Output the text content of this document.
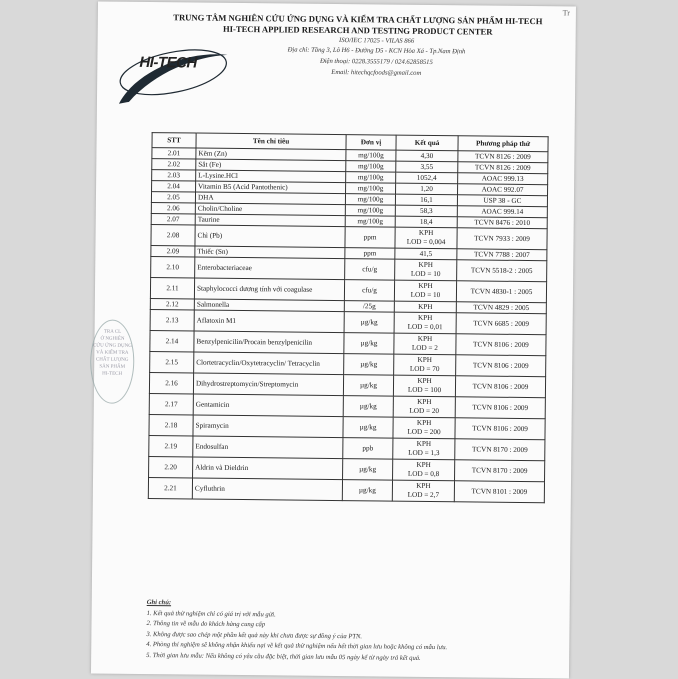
Tr
TRUNG TÂM NGHIÊN CỨU ỨNG DỤNG VÀ KIỂM TRA CHẤT LƯỢNG SẢN PHẨM HI-TECH
HI-TECH APPLIED RESEARCH AND TESTING PRODUCT CENTER
ISO/IEC 17025 - VILAS 866
Địa chỉ: Tầng 3, Lô H6 - Đường D5 - KCN Hòa Xá - Tp.Nam Định
Điện thoại: 0228.3555179 / 024.62858515
Email: hitechqcfoods@gmail.com
HI-TECH
TRA CL
Ở NGHIÊN
CỨU ỨNG DỤNG
VÀ KIỂM TRA
CHẤT LƯỢNG
SẢN PHẨM
HI-TECH
STT	Tên chỉ tiêu	Đơn vị	Kết quả	Phương pháp thử
2.01	Kẽm (Zn)	mg/100g	4,30	TCVN 8126 : 2009
2.02	Sắt (Fe)	mg/100g	3,55	TCVN 8126 : 2009
2.03	L-Lysine.HCl	mg/100g	1052,4	AOAC 999.13
2.04	Vitamin B5 (Acid Pantothenic)	mg/100g	1,20	AOAC 992.07
2.05	DHA	mg/100g	16,1	USP 38 - GC
2.06	Cholin/Choline	mg/100g	58,3	AOAC 999.14
2.07	Taurine	mg/100g	18,4	TCVN 8476 : 2010
2.08	Chì (Pb)	ppm	KPH
LOD = 0,004	TCVN 7933 : 2009
2.09	Thiếc (Sn)	ppm	41,5	TCVN 7788 : 2007
2.10	Enterobacteriaceae	cfu/g	KPH
LOD = 10	TCVN 5518-2 : 2005
2.11	Staphylococci dương tính với coagulase	cfu/g	KPH
LOD = 10	TCVN 4830-1 : 2005
2.12	Salmonella	/25g	KPH	TCVN 4829 : 2005
2.13	Aflatoxin M1	µg/kg	KPH
LOD = 0,01	TCVN 6685 : 2009
2.14	Benzylpenicilin/Procain benzylpenicilin	µg/kg	KPH
LOD = 2	TCVN 8106 : 2009
2.15	Clortetracyclin/Oxytetracyclin/ Tetracyclin	µg/kg	KPH
LOD = 70	TCVN 8106 : 2009
2.16	Dihydrostreptomycin/Streptomycin	µg/kg	KPH
LOD = 100	TCVN 8106 : 2009
2.17	Gentamicin	µg/kg	KPH
LOD = 20	TCVN 8106 : 2009
2.18	Spiramycin	µg/kg	KPH
LOD = 200	TCVN 8106 : 2009
2.19	Endosulfan	ppb	KPH
LOD = 1,3	TCVN 8170 : 2009
2.20	Aldrin và Dieldrin	µg/kg	KPH
LOD = 0,8	TCVN 8170 : 2009
2.21	Cyfluthrin	µg/kg	KPH
LOD = 2,7	TCVN 8101 : 2009
Ghi chú:
1. Kết quả thử nghiệm chỉ có giá trị với mẫu gửi.
2. Thông tin về mẫu do khách hàng cung cấp
3. Không được sao chép một phần kết quả này khi chưa được sự đồng ý của PTN.
4. Phòng thí nghiệm sẽ không nhận khiếu nại về kết quả thử nghiệm nếu hết thời gian lưu hoặc không có mẫu lưu.
5. Thời gian lưu mẫu: Nếu không có yêu cầu đặc biệt, thời gian lưu mẫu 05 ngày kể từ ngày trả kết quả.
